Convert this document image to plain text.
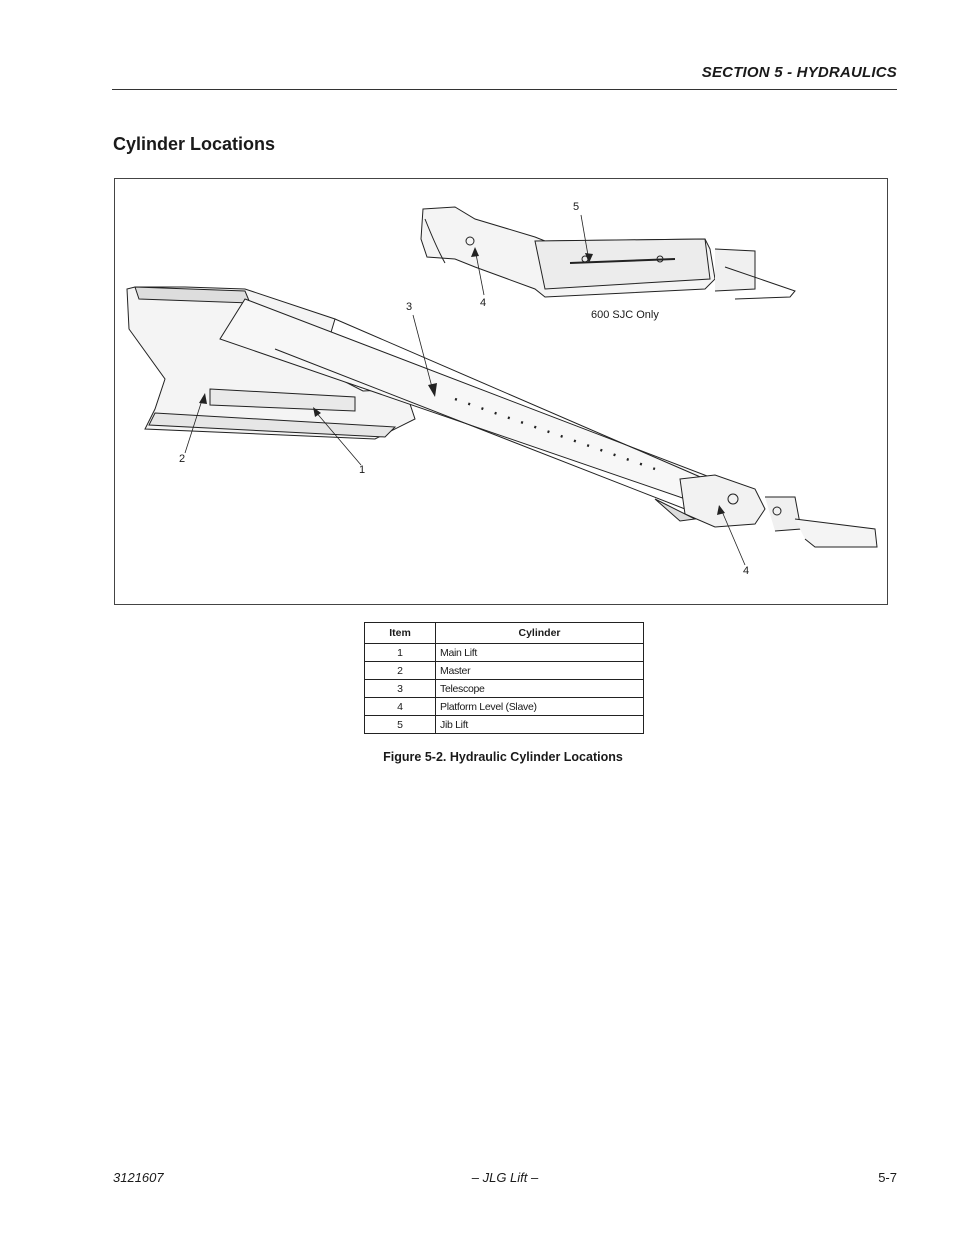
SECTION 5 - HYDRAULICS
Cylinder Locations
5
4
3
2
1
4
600 SJC Only
Item	Cylinder
1	Main Lift
2	Master
3	Telescope
4	Platform Level (Slave)
5	Jib Lift
Figure 5-2. Hydraulic Cylinder Locations
3121607	– JLG Lift –	5-7
